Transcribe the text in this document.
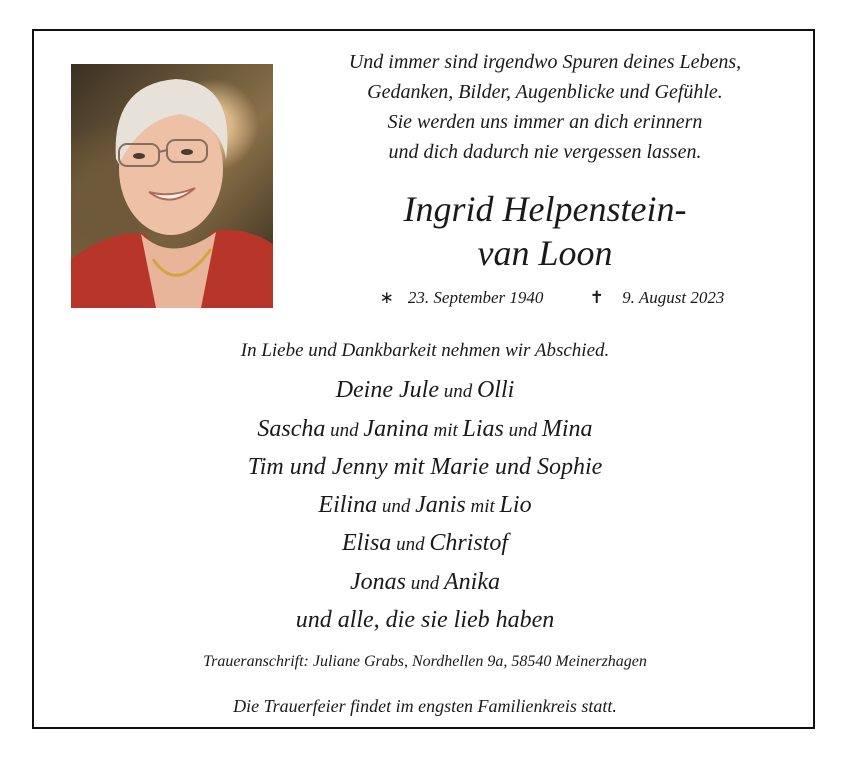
Und immer sind irgendwo Spuren deines Lebens,
Gedanken, Bilder, Augenblicke und Gefühle.
Sie werden uns immer an dich erinnern
und dich dadurch nie vergessen lassen.
Ingrid Helpenstein-
van Loon
∗ 23. September 1940	✝ 9. August 2023
In Liebe und Dankbarkeit nehmen wir Abschied.
Deine Jule und Olli
Sascha und Janina mit Lias und Mina
Tim und Jenny mit Marie und Sophie
Eilina und Janis mit Lio
Elisa und Christof
Jonas und Anika
und alle, die sie lieb haben
Traueranschrift: Juliane Grabs, Nordhellen 9a, 58540 Meinerzhagen
Die Trauerfeier findet im engsten Familienkreis statt.
